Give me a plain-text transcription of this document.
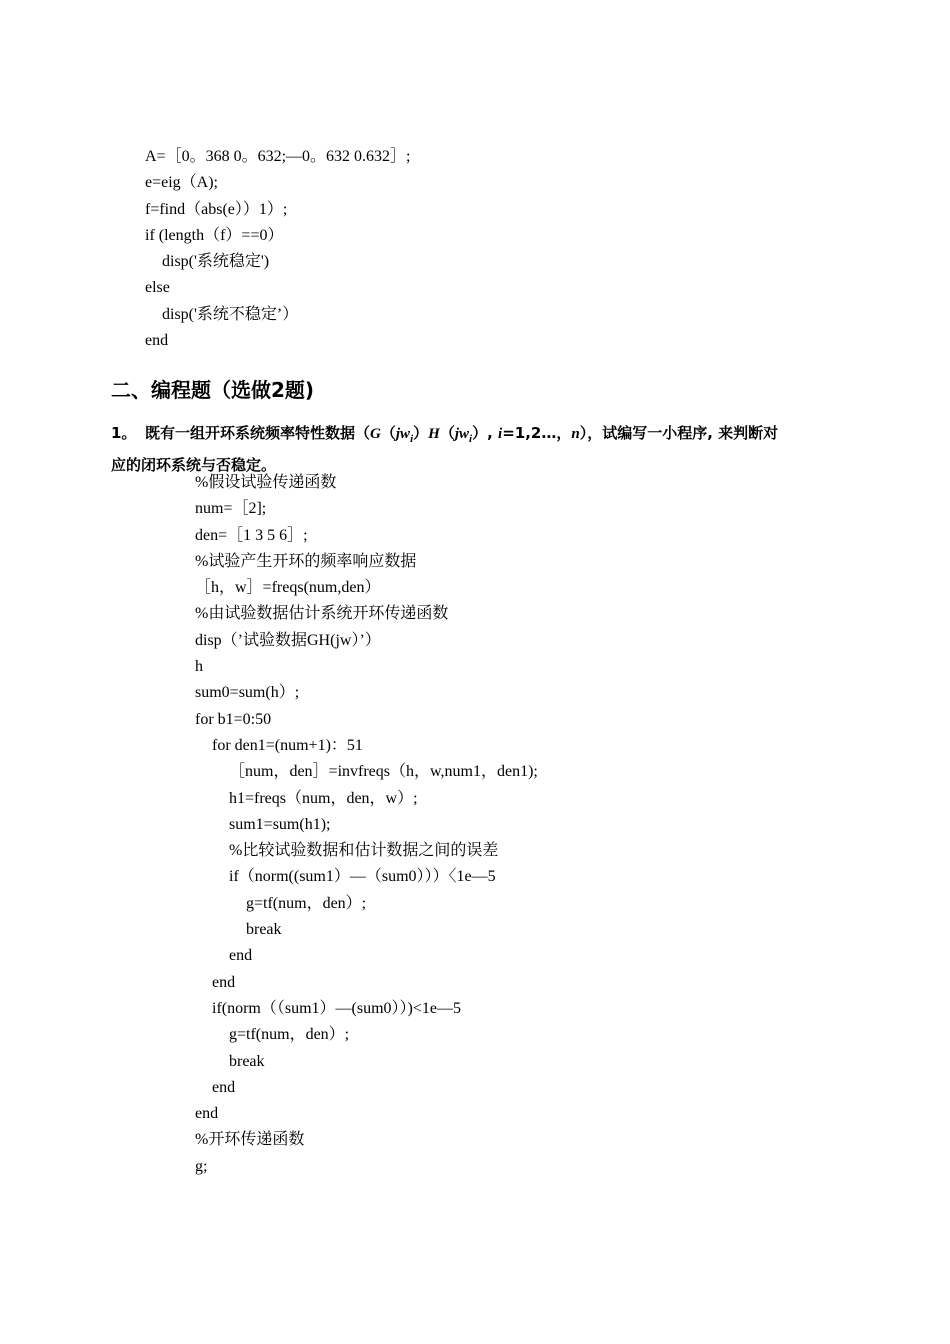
A=［0。368 0。632;—0。632 0.632］;
e=eig（A);
f=find（abs(e））1）;
if (length（f）==0）
disp('系统稳定')
else
disp('系统不稳定’）
end
二、编程题（选做2题)

1。 既有一组开环系统频率特性数据（$G(jw_i)H(jw_i)$, i=1,2…，n），试编写一小程序, 来判断对
应的闭环系统与否稳定。

%假设试验传递函数
num=［2];
den=［1 3 5 6］;
%试验产生开环的频率响应数据
［h，w］=freqs(num,den）
%由试验数据估计系统开环传递函数
disp（’试验数据GH(jw）’）
h
sum0=sum(h）;
for b1=0:50
for den1=(num+1)：51
［num，den］=invfreqs（h，w,num1，den1);
h1=freqs（num，den，w）;
sum1=sum(h1);
%比较试验数据和估计数据之间的误差
if（norm((sum1）—（sum0）））〈1e—5
g=tf(num，den）;
break
end
end
if(norm（（sum1）—(sum0））)<1e—5
g=tf(num，den）;
break
end
end
%开环传递函数
g;
